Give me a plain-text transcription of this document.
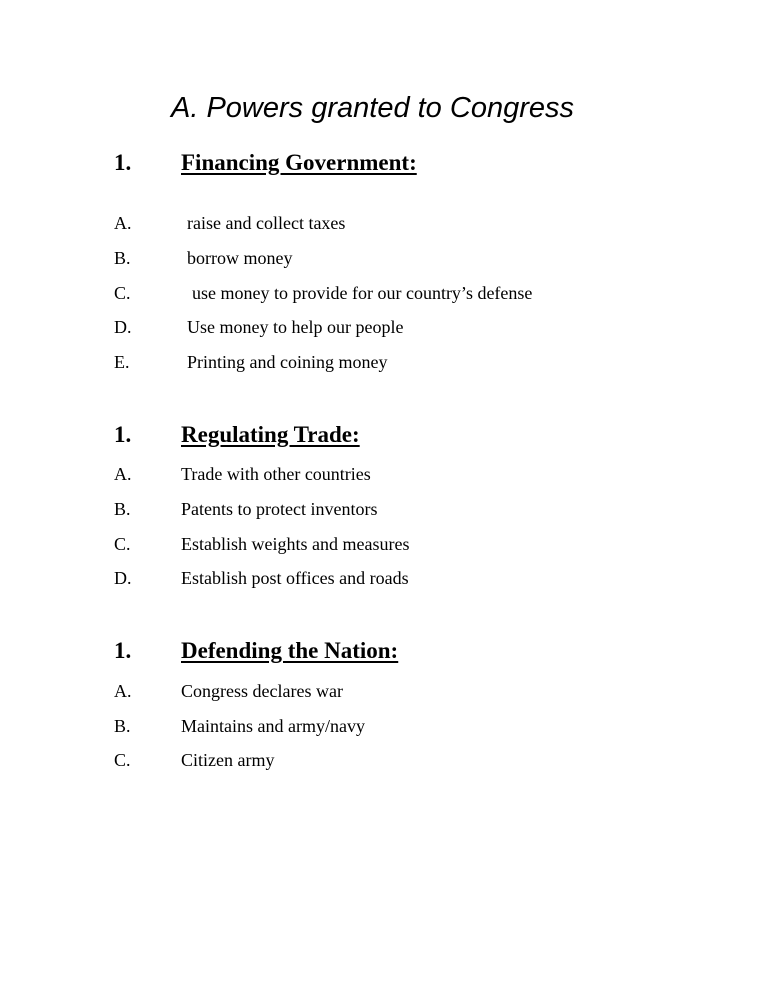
A. Powers granted to Congress
1. Financing Government:
A.	raise and collect taxes
B.	borrow money
C.	use money to provide for our country’s defense
D.	Use money to help our people
E.	Printing and coining money
1. Regulating Trade:
A.	Trade with other countries
B.	Patents to protect inventors
C.	Establish weights and measures
D.	Establish post offices and roads
1. Defending the Nation:
A.	Congress declares war
B.	Maintains and army/navy
C.	Citizen army
